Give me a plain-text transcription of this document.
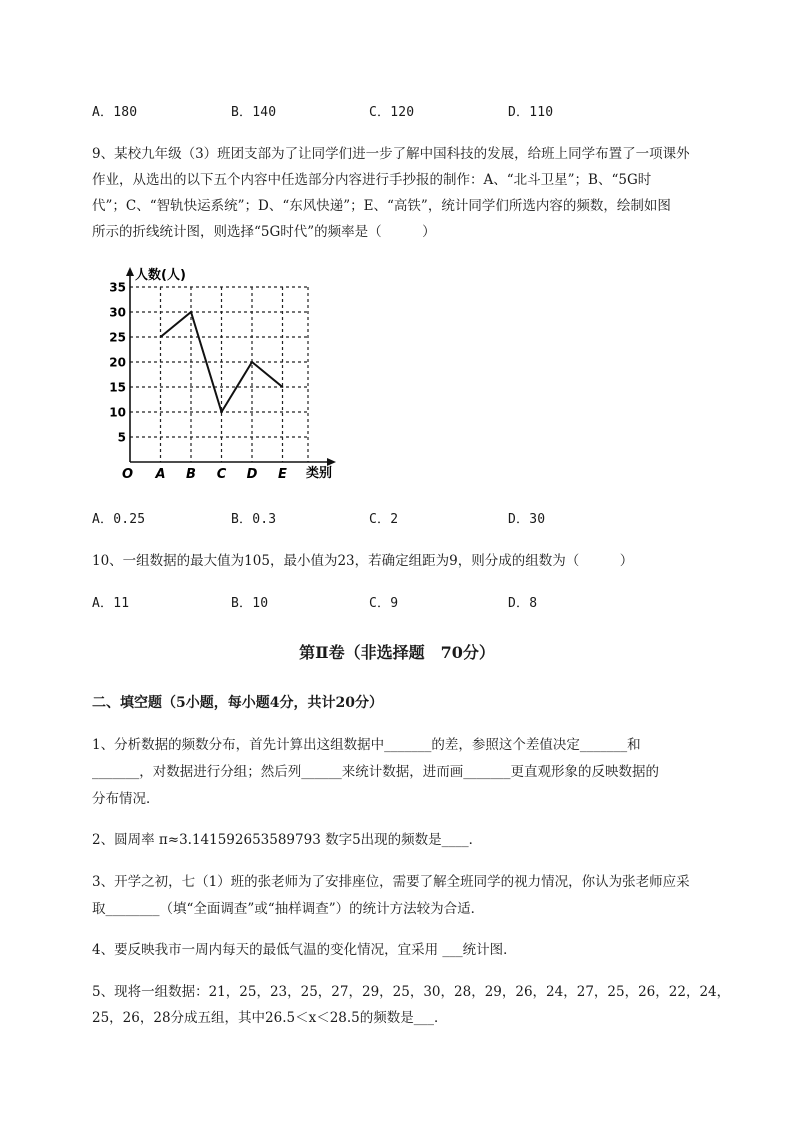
A．180	B．140	C．120	D．110
9、某校九年级（3）班团支部为了让同学们进一步了解中国科技的发展，给班上同学布置了一项课外
作业，从选出的以下五个内容中任选部分内容进行手抄报的制作：A、“北斗卫星”；B、“5G时
代”；C、“智轨快运系统”；D、“东风快递”；E、“高铁”，统计同学们所选内容的频数，绘制如图
所示的折线统计图，则选择“5G时代”的频率是（　　　）
5
10
15
20
25
30
35
A B C D E
人数(人)
类别
O
A．0.25	B．0.3	C．2	D．30
10、一组数据的最大值为105，最小值为23，若确定组距为9，则分成的组数为（　　　）
A．11	B．10	C．9	D．8
第Ⅱ卷（非选择题　70分）
二、填空题（5小题，每小题4分，共计20分）
1、分析数据的频数分布，首先计算出这组数据中_______的差，参照这个差值决定_______和
_______，对数据进行分组；然后列______来统计数据，进而画_______更直观形象的反映数据的
分布情况．
2、圆周率 π≈3.141592653589793 数字5出现的频数是____．
3、开学之初，七（1）班的张老师为了安排座位，需要了解全班同学的视力情况，你认为张老师应采
取________（填“全面调查”或“抽样调查”）的统计方法较为合适．
4、要反映我市一周内每天的最低气温的变化情况，宜采用 ___统计图．
5、现将一组数据：21，25，23，25，27，29，25，30，28，29，26，24，27，25，26，22，24，
25，26，28分成五组，其中26.5＜x＜28.5的频数是___．
